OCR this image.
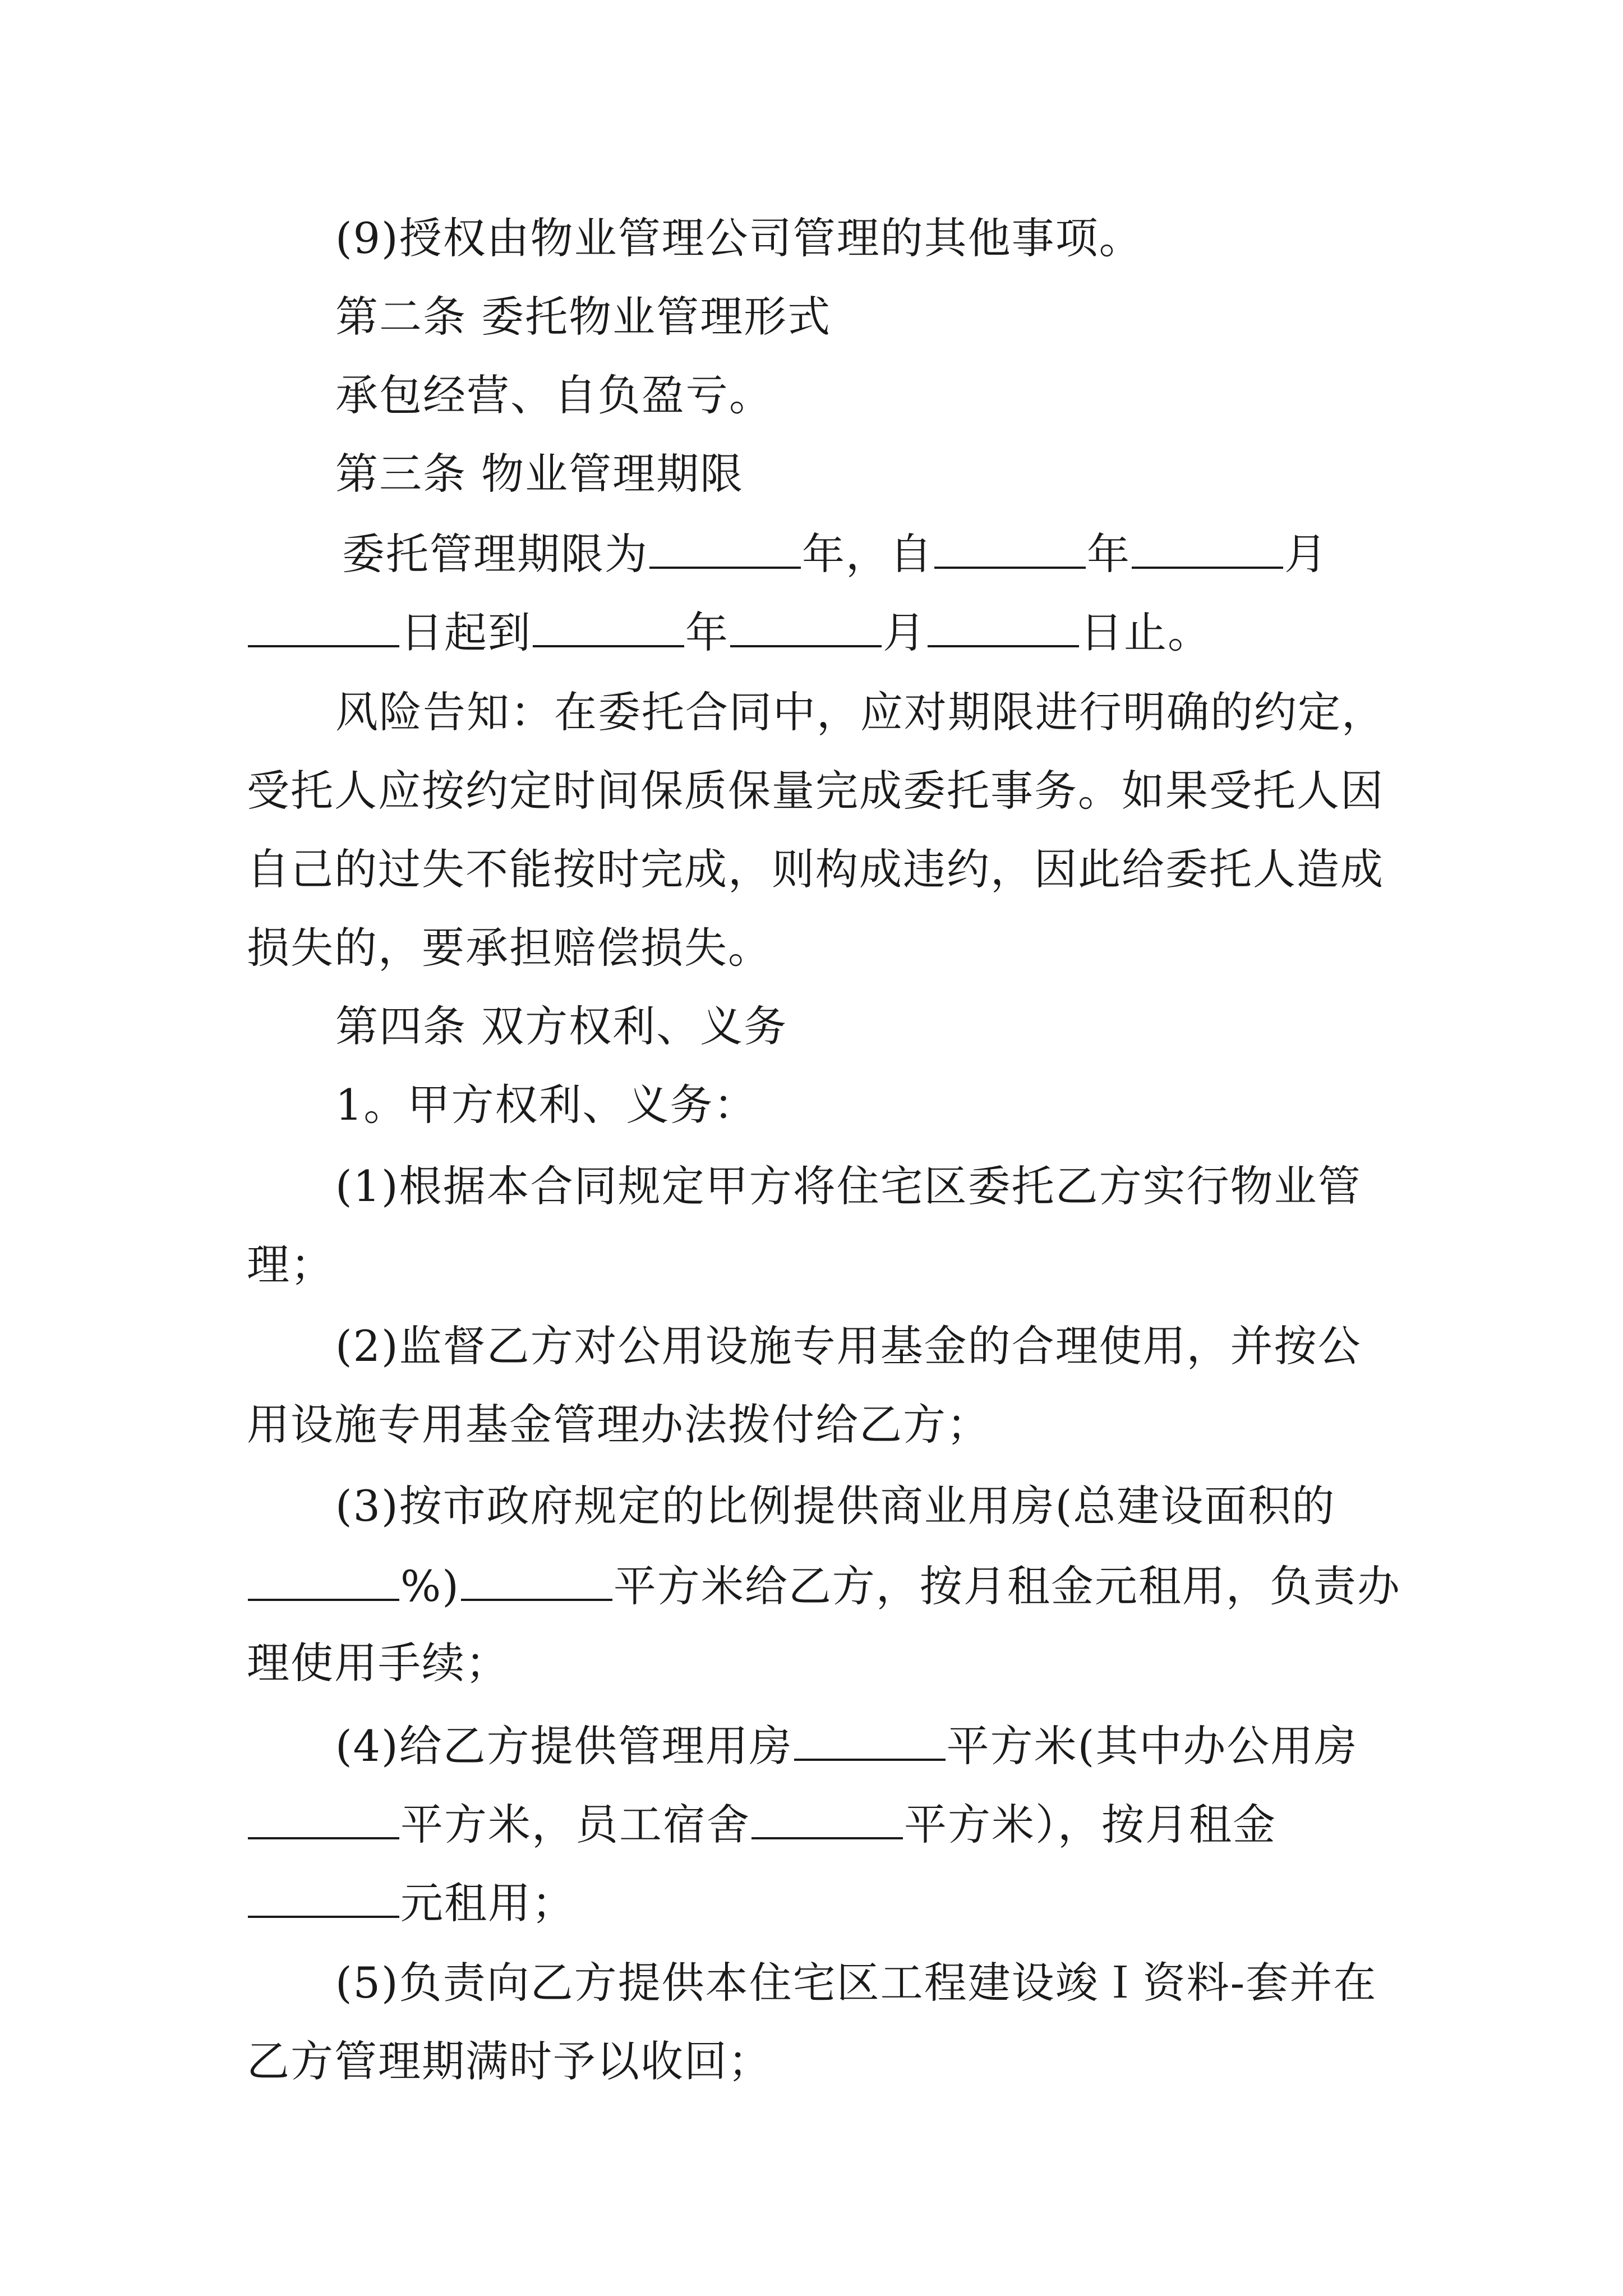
(9)授权由物业管理公司管理的其他事项。
第二条 委托物业管理形式
承包经营、自负盈亏。
第三条 物业管理期限
委托管理期限为	年，自	年	月
日起到	年	月	日止。
风险告知：在委托合同中，应对期限进行明确的约定，
受托人应按约定时间保质保量完成委托事务。如果受托人因
自己的过失不能按时完成，则构成违约，因此给委托人造成
损失的，要承担赔偿损失。
第四条 双方权利、义务
1。甲方权利、义务：
(1)根据本合同规定甲方将住宅区委托乙方实行物业管
理；
(2)监督乙方对公用设施专用基金的合理使用，并按公
用设施专用基金管理办法拨付给乙方；
(3)按市政府规定的比例提供商业用房(总建设面积的
%)	平方米给乙方，按月租金元租用，负责办
理使用手续；
(4)给乙方提供管理用房	平方米(其中办公用房
平方米，员工宿舍	平方米），按月租金
元租用；
(5)负责向乙方提供本住宅区工程建设竣Ｉ资料-套并在
乙方管理期满时予以收回；
